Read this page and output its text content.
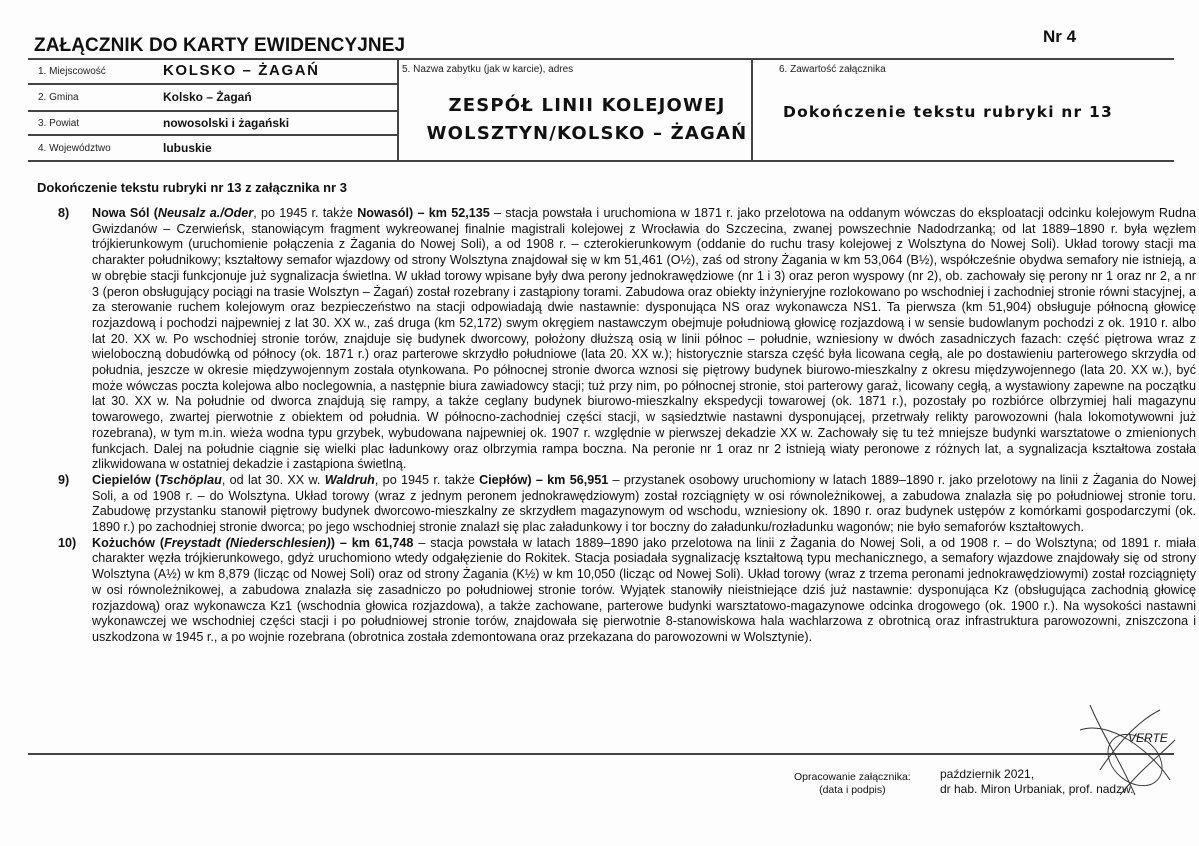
ZAŁĄCZNIK DO KARTY EWIDENCYJNEJ	Nr 4
1. Miejscowość	KOLSKO – ŻAGAŃ
2. Gmina	Kolsko – Żagań
3. Powiat	nowosolski i żagański
4. Województwo	lubuskie
5. Nazwa zabytku (jak w karcie), adres
ZESPÓŁ LINII KOLEJOWEJ
WOLSZTYN/KOLSKO – ŻAGAŃ
6. Zawartość załącznika
Dokończenie tekstu rubryki nr 13
Dokończenie tekstu rubryki nr 13 z załącznika nr 3
8)	Nowa Sól (Neusalz a./Oder, po 1945 r. także Nowasól) – km 52,135 – stacja powstała i uruchomiona w 1871 r. jako przelotowa na oddanym wówczas do eksploatacji odcinku kolejowym Rudna Gwizdanów – Czerwieńsk, stanowiącym fragment wykreowanej finalnie magistrali kolejowej z Wrocławia do Szczecina, zwanej powszechnie Nadodrzanką; od lat 1889–1890 r. była węzłem trójkierunkowym (uruchomienie połączenia z Żagania do Nowej Soli), a od 1908 r. – czterokierunkowym (oddanie do ruchu trasy kolejowej z Wolsztyna do Nowej Soli). Układ torowy stacji ma charakter południkowy; kształtowy semafor wjazdowy od strony Wolsztyna znajdował się w km 51,461 (O½), zaś od strony Żagania w km 53,064 (B½), współcześnie obydwa semafory nie istnieją, a w obrębie stacji funkcjonuje już sygnalizacja świetlna. W układ torowy wpisane były dwa perony jednokrawędziowe (nr 1 i 3) oraz peron wyspowy (nr 2), ob. zachowały się perony nr 1 oraz nr 2, a nr 3 (peron obsługujący pociągi na trasie Wolsztyn – Żagań) został rozebrany i zastąpiony torami. Zabudowa oraz obiekty inżynieryjne rozlokowano po wschodniej i zachodniej stronie równi stacyjnej, a za sterowanie ruchem kolejowym oraz bezpieczeństwo na stacji odpowiadają dwie nastawnie: dysponująca NS oraz wykonawcza NS1. Ta pierwsza (km 51,904) obsługuje północną głowicę rozjazdową i pochodzi najpewniej z lat 30. XX w., zaś druga (km 52,172) swym okręgiem nastawczym obejmuje południową głowicę rozjazdową i w sensie budowlanym pochodzi z ok. 1910 r. albo lat 20. XX w. Po wschodniej stronie torów, znajduje się budynek dworcowy, położony dłuższą osią w linii północ – południe, wzniesiony w dwóch zasadniczych fazach: część piętrowa wraz z wieloboczną dobudówką od północy (ok. 1871 r.) oraz parterowe skrzydło południowe (lata 20. XX w.); historycznie starsza część była licowana cegłą, ale po dostawieniu parterowego skrzydła od południa, jeszcze w okresie międzywojennym została otynkowana. Po północnej stronie dworca wznosi się piętrowy budynek biurowo-mieszkalny z okresu międzywojennego (lata 20. XX w.), być może wówczas poczta kolejowa albo noclegownia, a następnie biura zawiadowcy stacji; tuż przy nim, po północnej stronie, stoi parterowy garaż, licowany cegłą, a wystawiony zapewne na początku lat 30. XX w. Na południe od dworca znajdują się rampy, a także ceglany budynek biurowo-mieszkalny ekspedycji towarowej (ok. 1871 r.), pozostały po rozbiórce olbrzymiej hali magazynu towarowego, zwartej pierwotnie z obiektem od południa. W północno-zachodniej części stacji, w sąsiedztwie nastawni dysponującej, przetrwały relikty parowozowni (hala lokomotywowni już rozebrana), w tym m.in. wieża wodna typu grzybek, wybudowana najpewniej ok. 1907 r. względnie w pierwszej dekadzie XX w. Zachowały się tu też mniejsze budynki warsztatowe o zmienionych funkcjach. Dalej na południe ciągnie się wielki plac ładunkowy oraz olbrzymia rampa boczna. Na peronie nr 1 oraz nr 2 istnieją wiaty peronowe z różnych lat, a sygnalizacja kształtowa została zlikwidowana w ostatniej dekadzie i zastąpiona świetlną.
9)	Ciepielów (Tschöplau, od lat 30. XX w. Waldruh, po 1945 r. także Ciepłów) – km 56,951 – przystanek osobowy uruchomiony w latach 1889–1890 r. jako przelotowy na linii z Żagania do Nowej Soli, a od 1908 r. – do Wolsztyna. Układ torowy (wraz z jednym peronem jednokrawędziowym) został rozciągnięty w osi równoleżnikowej, a zabudowa znalazła się po południowej stronie toru. Zabudowę przystanku stanowił piętrowy budynek dworcowo-mieszkalny ze skrzydłem magazynowym od wschodu, wzniesiony ok. 1890 r. oraz budynek ustępów z komórkami gospodarczymi (ok. 1890 r.) po zachodniej stronie dworca; po jego wschodniej stronie znalazł się plac załadunkowy i tor boczny do załadunku/rozładunku wagonów; nie było semaforów kształtowych.
10)	Kożuchów (Freystadt (Niederschlesien)) – km 61,748 – stacja powstała w latach 1889–1890 jako przelotowa na linii z Żagania do Nowej Soli, a od 1908 r. – do Wolsztyna; od 1891 r. miała charakter węzła trójkierunkowego, gdyż uruchomiono wtedy odgałęzienie do Rokitek. Stacja posiadała sygnalizację kształtową typu mechanicznego, a semafory wjazdowe znajdowały się od strony Wolsztyna (A½) w km 8,879 (licząc od Nowej Soli) oraz od strony Żagania (K½) w km 10,050 (licząc od Nowej Soli). Układ torowy (wraz z trzema peronami jednokrawędziowymi) został rozciągnięty w osi równoleżnikowej, a zabudowa znalazła się zasadniczo po południowej stronie torów. Wyjątek stanowiły nieistniejące dziś już nastawnie: dysponująca Kz (obsługująca zachodnią głowicę rozjazdową) oraz wykonawcza Kz1 (wschodnia głowica rozjazdowa), a także zachowane, parterowe budynki warsztatowo-magazynowe odcinka drogowego (ok. 1900 r.). Na wysokości nastawni wykonawczej we wschodniej części stacji i po południowej stronie torów, znajdowała się pierwotnie 8-stanowiskowa hala wachlarzowa z obrotnicą oraz infrastruktura parowozowni, zniszczona i uszkodzona w 1945 r., a po wojnie rozebrana (obrotnica została zdemontowana oraz przekazana do parowozowni w Wolsztynie).
VERTE
Opracowanie załącznika:
(data i podpis)
październik 2021,
dr hab. Miron Urbaniak, prof. nadzw.
